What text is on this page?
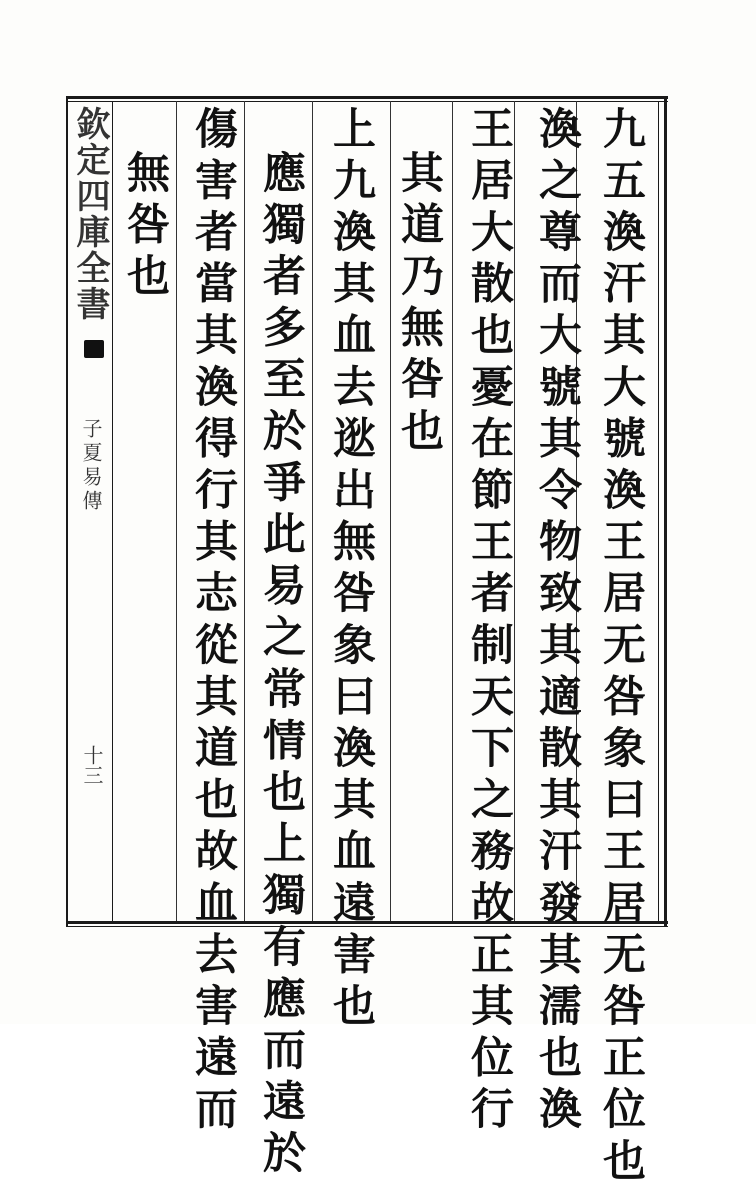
欽定四庫全書
子夏易傳
十三	九五渙汗其大號渙王居无咎象曰王居无咎正位也
渙之尊而大號其令物致其適散其汗發其濡也渙
王居大散也憂在節王者制天下之務故正其位行
其道乃無咎也
上九渙其血去逖出無咎象曰渙其血遠害也
應獨者多至於爭此易之常情也上獨有應而遠於
傷害者當其渙得行其志從其道也故血去害遠而
無咎也
